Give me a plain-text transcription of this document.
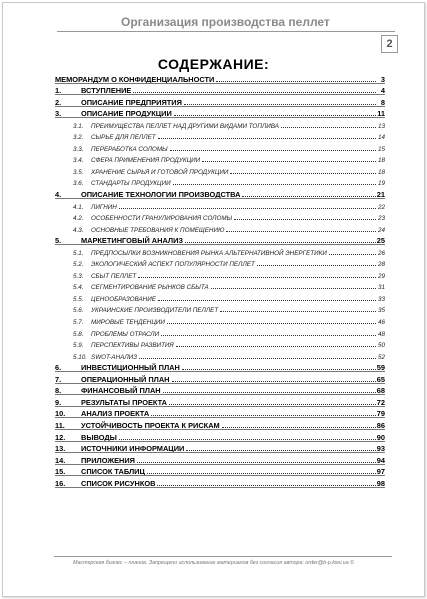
Организация производства пеллет
2
СОДЕРЖАНИЕ:
МЕМОРАНДУМ О КОНФИДЕНЦИАЛЬНОСТИ	3
1.	ВСТУПЛЕНИЕ	4
2.	ОПИСАНИЕ ПРЕДПРИЯТИЯ	8
3.	ОПИСАНИЕ ПРОДУКЦИИ	11
3.1.	ПРЕИМУЩЕСТВА ПЕЛЛЕТ НАД ДРУГИМИ ВИДАМИ ТОПЛИВА	13
3.2.	СЫРЬЕ ДЛЯ ПЕЛЛЕТ	14
3.3.	ПЕРЕРАБОТКА СОЛОМЫ	15
3.4.	СФЕРА ПРИМЕНЕНИЯ ПРОДУКЦИИ	18
3.5.	ХРАНЕНИЕ СЫРЬЯ И ГОТОВОЙ ПРОДУКЦИИ	18
3.6.	СТАНДАРТЫ ПРОДУКЦИИ	19
4.	ОПИСАНИЕ ТЕХНОЛОГИИ ПРОИЗВОДСТВА	21
4.1.	ЛИГНИН	22
4.2.	ОСОБЕННОСТИ ГРАНУЛИРОВАНИЯ СОЛОМЫ	23
4.3.	ОСНОВНЫЕ ТРЕБОВАНИЯ К ПОМЕЩЕНИЮ	24
5.	МАРКЕТИНГОВЫЙ АНАЛИЗ	25
5.1.	ПРЕДПОСЫЛКИ ВОЗНИКНОВЕНИЯ РЫНКА АЛЬТЕРНАТИВНОЙ ЭНЕРГЕТИКИ	26
5.2.	ЭКОЛОГИЧЕСКИЙ АСПЕКТ ПОПУЛЯРНОСТИ ПЕЛЛЕТ	28
5.3.	СБЫТ ПЕЛЛЕТ	29
5.4.	СЕГМЕНТИРОВАНИЕ РЫНКОВ СБЫТА	31
5.5.	ЦЕНООБРАЗОВАНИЕ	33
5.6.	УКРАИНСКИЕ ПРОИЗВОДИТЕЛИ ПЕЛЛЕТ	35
5.7.	МИРОВЫЕ ТЕНДЕНЦИИ	46
5.8.	ПРОБЛЕМЫ ОТРАСЛИ	48
5.9.	ПЕРСПЕКТИВЫ РАЗВИТИЯ	50
5.10. SWOT-АНАЛИЗ	52
6.	ИНВЕСТИЦИОННЫЙ ПЛАН	59
7.	ОПЕРАЦИОННЫЙ ПЛАН	65
8.	ФИНАНСОВЫЙ ПЛАН	68
9.	РЕЗУЛЬТАТЫ ПРОЕКТА	72
10.	АНАЛИЗ ПРОЕКТА	79
11.	УСТОЙЧИВОСТЬ ПРОЕКТА К РИСКАМ	86
12.	ВЫВОДЫ	90
13.	ИСТОЧНИКИ ИНФОРМАЦИИ	93
14.	ПРИЛОЖЕНИЯ	94
15.	СПИСОК ТАБЛИЦ	97
16.	СПИСОК РИСУНКОВ	98
Мастерская бизнес – планов. Запрещено использование материалов без согласия автора: order@b-p.kiev.ua ©
